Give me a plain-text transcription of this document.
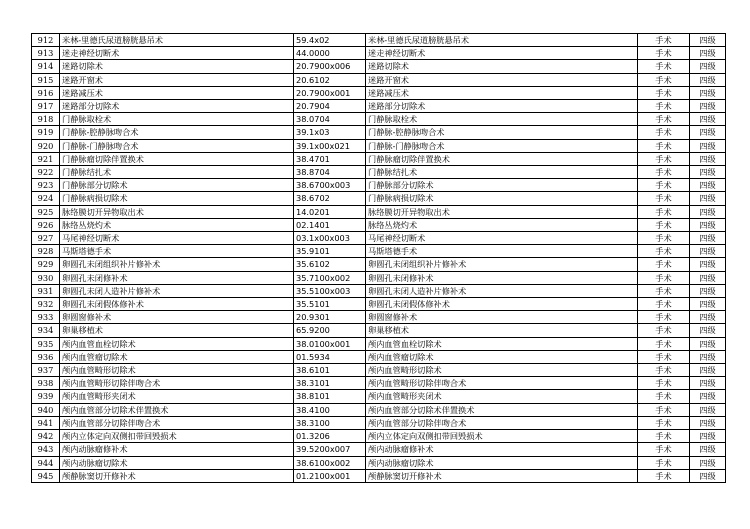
912	米林-里德氏尿道膀胱悬吊术	59.4x02	米林-里德氏尿道膀胱悬吊术	手术	四级
913	迷走神经切断术	44.0000	迷走神经切断术	手术	四级
914	迷路切除术	20.7900x006	迷路切除术	手术	四级
915	迷路开窗术	20.6102	迷路开窗术	手术	四级
916	迷路减压术	20.7900x001	迷路减压术	手术	四级
917	迷路部分切除术	20.7904	迷路部分切除术	手术	四级
918	门静脉取栓术	38.0704	门静脉取栓术	手术	四级
919	门静脉-腔静脉吻合术	39.1x03	门静脉-腔静脉吻合术	手术	四级
920	门静脉-门静脉吻合术	39.1x00x021	门静脉-门静脉吻合术	手术	四级
921	门静脉瘤切除伴置换术	38.4701	门静脉瘤切除伴置换术	手术	四级
922	门静脉结扎术	38.8704	门静脉结扎术	手术	四级
923	门静脉部分切除术	38.6700x003	门静脉部分切除术	手术	四级
924	门静脉病损切除术	38.6702	门静脉病损切除术	手术	四级
925	脉络膜切开异物取出术	14.0201	脉络膜切开异物取出术	手术	四级
926	脉络丛烧灼术	02.1401	脉络丛烧灼术	手术	四级
927	马尾神经切断术	03.1x00x003	马尾神经切断术	手术	四级
928	马斯塔德手术	35.9101	马斯塔德手术	手术	四级
929	卵圆孔未闭组织补片修补术	35.6102	卵圆孔未闭组织补片修补术	手术	四级
930	卵圆孔未闭修补术	35.7100x002	卵圆孔未闭修补术	手术	四级
931	卵圆孔未闭人造补片修补术	35.5100x003	卵圆孔未闭人造补片修补术	手术	四级
932	卵圆孔未闭假体修补术	35.5101	卵圆孔未闭假体修补术	手术	四级
933	卵圆窗修补术	20.9301	卵圆窗修补术	手术	四级
934	卵巢移植术	65.9200	卵巢移植术	手术	四级
935	颅内血管血栓切除术	38.0100x001	颅内血管血栓切除术	手术	四级
936	颅内血管瘤切除术	01.5934	颅内血管瘤切除术	手术	四级
937	颅内血管畸形切除术	38.6101	颅内血管畸形切除术	手术	四级
938	颅内血管畸形切除伴吻合术	38.3101	颅内血管畸形切除伴吻合术	手术	四级
939	颅内血管畸形夹闭术	38.8101	颅内血管畸形夹闭术	手术	四级
940	颅内血管部分切除术伴置换术	38.4100	颅内血管部分切除术伴置换术	手术	四级
941	颅内血管部分切除伴吻合术	38.3100	颅内血管部分切除伴吻合术	手术	四级
942	颅内立体定向双侧扣带回毁损术	01.3206	颅内立体定向双侧扣带回毁损术	手术	四级
943	颅内动脉瘤修补术	39.5200x007	颅内动脉瘤修补术	手术	四级
944	颅内动脉瘤切除术	38.6100x002	颅内动脉瘤切除术	手术	四级
945	颅静脉窦切开修补术	01.2100x001	颅静脉窦切开修补术	手术	四级
